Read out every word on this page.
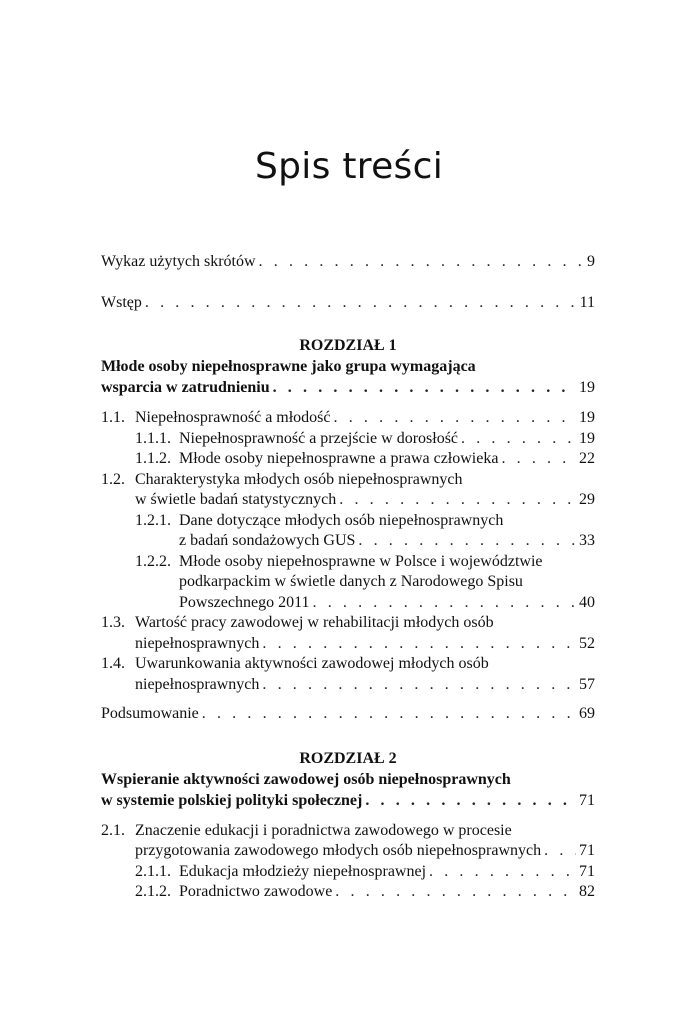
Spis treści
Wykaz użytych skrótów . . .	9
Wstęp . . .	11
ROZDZIAŁ 1
Młode osoby niepełnosprawne jako grupa wymagająca
wsparcia w zatrudnieniu . . .	19
1.1. Niepełnosprawność a młodość . . .	19
1.1.1. Niepełnosprawność a przejście w dorosłość . . .	19
1.1.2. Młode osoby niepełnosprawne a prawa człowieka . . .	22
1.2. Charakterystyka młodych osób niepełnosprawnych
w świetle badań statystycznych . . .	29
1.2.1. Dane dotyczące młodych osób niepełnosprawnych
z badań sondażowych GUS . . .	33
1.2.2. Młode osoby niepełnosprawne w Polsce i województwie
podkarpackim w świetle danych z Narodowego Spisu
Powszechnego 2011 . . .	40
1.3. Wartość pracy zawodowej w rehabilitacji młodych osób
niepełnosprawnych . . .	52
1.4. Uwarunkowania aktywności zawodowej młodych osób
niepełnosprawnych . . .	57
Podsumowanie . . .	69
ROZDZIAŁ 2
Wspieranie aktywności zawodowej osób niepełnosprawnych
w systemie polskiej polityki społecznej . . .	71
2.1. Znaczenie edukacji i poradnictwa zawodowego w procesie
przygotowania zawodowego młodych osób niepełnosprawnych . . . 71
2.1.1. Edukacja młodzieży niepełnosprawnej . . .	71
2.1.2. Poradnictwo zawodowe . . .	82
